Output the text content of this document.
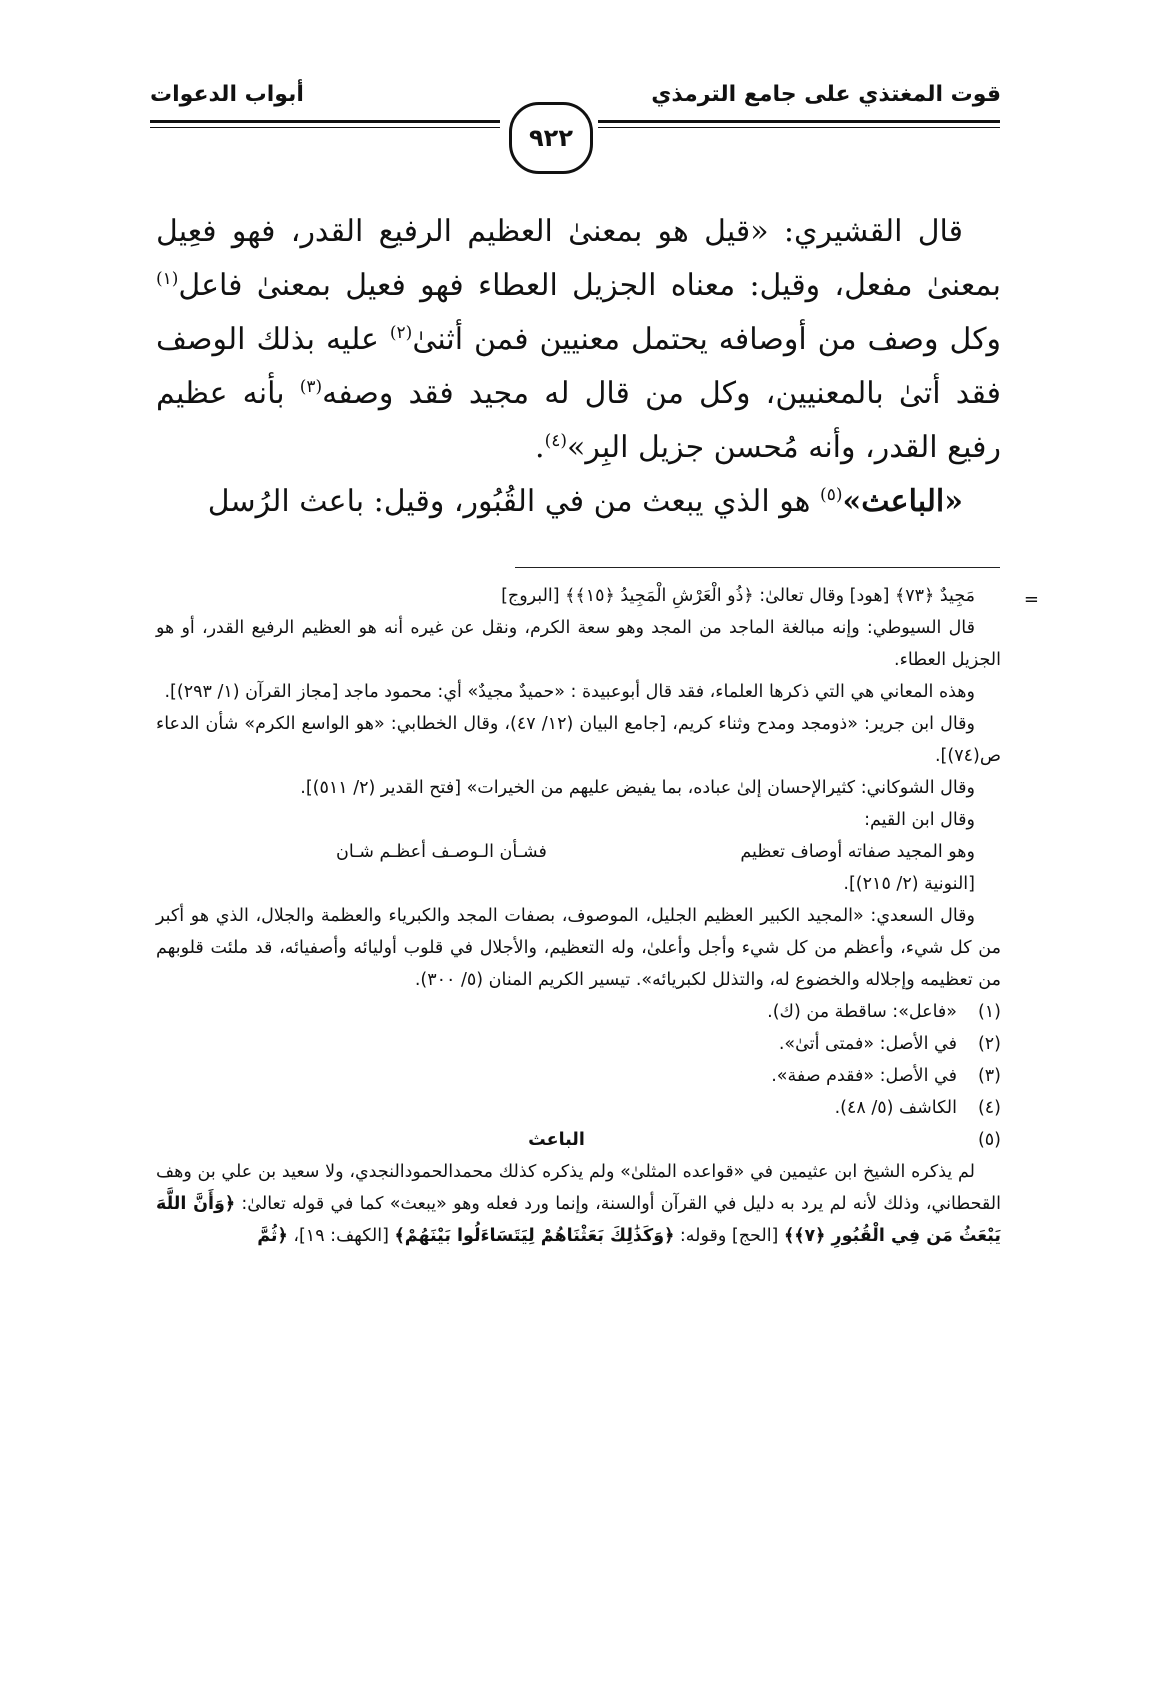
قوت المغتذي على جامع الترمذي
أبواب الدعوات
٩٢٢

قال القشيري: «قيل هو بمعنىٰ العظيم الرفيع القدر، فهو فعِيل بمعنىٰ مفعل، وقيل: معناه الجزيل العطاء فهو فعيل بمعنىٰ فاعل$^{(١)}$ وكل وصف من أوصافه يحتمل معنيين فمن أثنىٰ$^{(٢)}$ عليه بذلك الوصف فقد أتىٰ بالمعنيين، وكل من قال له مجيد فقد وصفه$^{(٣)}$ بأنه عظيم رفيع القدر، وأنه مُحسن جزيل البِر»$^{(٤)}$.

«الباعث»$^{(٥)}$ هو الذي يبعث من في القُبُور، وقيل: باعث الرُسل

=

مَجِيدٌ ﴿٧٣﴾ [هود] وقال تعالىٰ: ﴿ذُو الْعَرْشِ الْمَجِيدُ ﴿١٥﴾﴾ [البروج]

قال السيوطي: وإنه مبالغة الماجد من المجد وهو سعة الكرم، ونقل عن غيره أنه هو العظيم الرفيع القدر، أو هو الجزيل العطاء.

وهذه المعاني هي التي ذكرها العلماء، فقد قال أبوعبيدة : «حميدٌ مجيدٌ» أي: محمود ماجد [مجاز القرآن (١/ ٢٩٣)].

وقال ابن جرير: «ذومجد ومدح وثناء كريم، [جامع البيان (١٢/ ٤٧)، وقال الخطابي: «هو الواسع الكرم» شأن الدعاء ص(٧٤)].

وقال الشوكاني: كثيرالإحسان إلىٰ عباده، بما يفيض عليهم من الخيرات» [فتح القدير (٢/ ٥١١)].

وقال ابن القيم:

وهو المجيد صفاته أوصاف تعظيم
فشـأن الـوصـف أعظـم شـان

[النونية (٢/ ٢١٥)].

وقال السعدي: «المجيد الكبير العظيم الجليل، الموصوف، بصفات المجد والكبرياء والعظمة والجلال، الذي هو أكبر من كل شيء، وأعظم من كل شيء وأجل وأعلىٰ، وله التعظيم، والأجلال في قلوب أوليائه وأصفيائه، قد ملئت قلوبهم من تعظيمه وإجلاله والخضوع له، والتذلل لكبريائه». تيسير الكريم المنان (٥/ ٣٠٠).

(١)
«فاعل»: ساقطة من (ك).
(٢)
في الأصل: «فمتى أتىٰ».
(٣)
في الأصل: «فقدم صفة».
(٤)
الكاشف (٥/ ٤٨).
(٥)
الباعث

لم يذكره الشيخ ابن عثيمين في «قواعده المثلىٰ» ولم يذكره كذلك محمدالحمودالنجدي، ولا سعيد بن علي بن وهف القحطاني، وذلك لأنه لم يرد به دليل في القرآن أوالسنة، وإنما ورد فعله وهو «يبعث» كما في قوله تعالىٰ: ﴿وَأَنَّ اللَّهَ يَبْعَثُ مَن فِي الْقُبُورِ ﴿٧﴾﴾ [الحج] وقوله: ﴿وَكَذَٰلِكَ بَعَثْنَاهُمْ لِيَتَسَاءَلُوا بَيْنَهُمْ﴾ [الكهف: ١٩]، ﴿ثُمَّ
